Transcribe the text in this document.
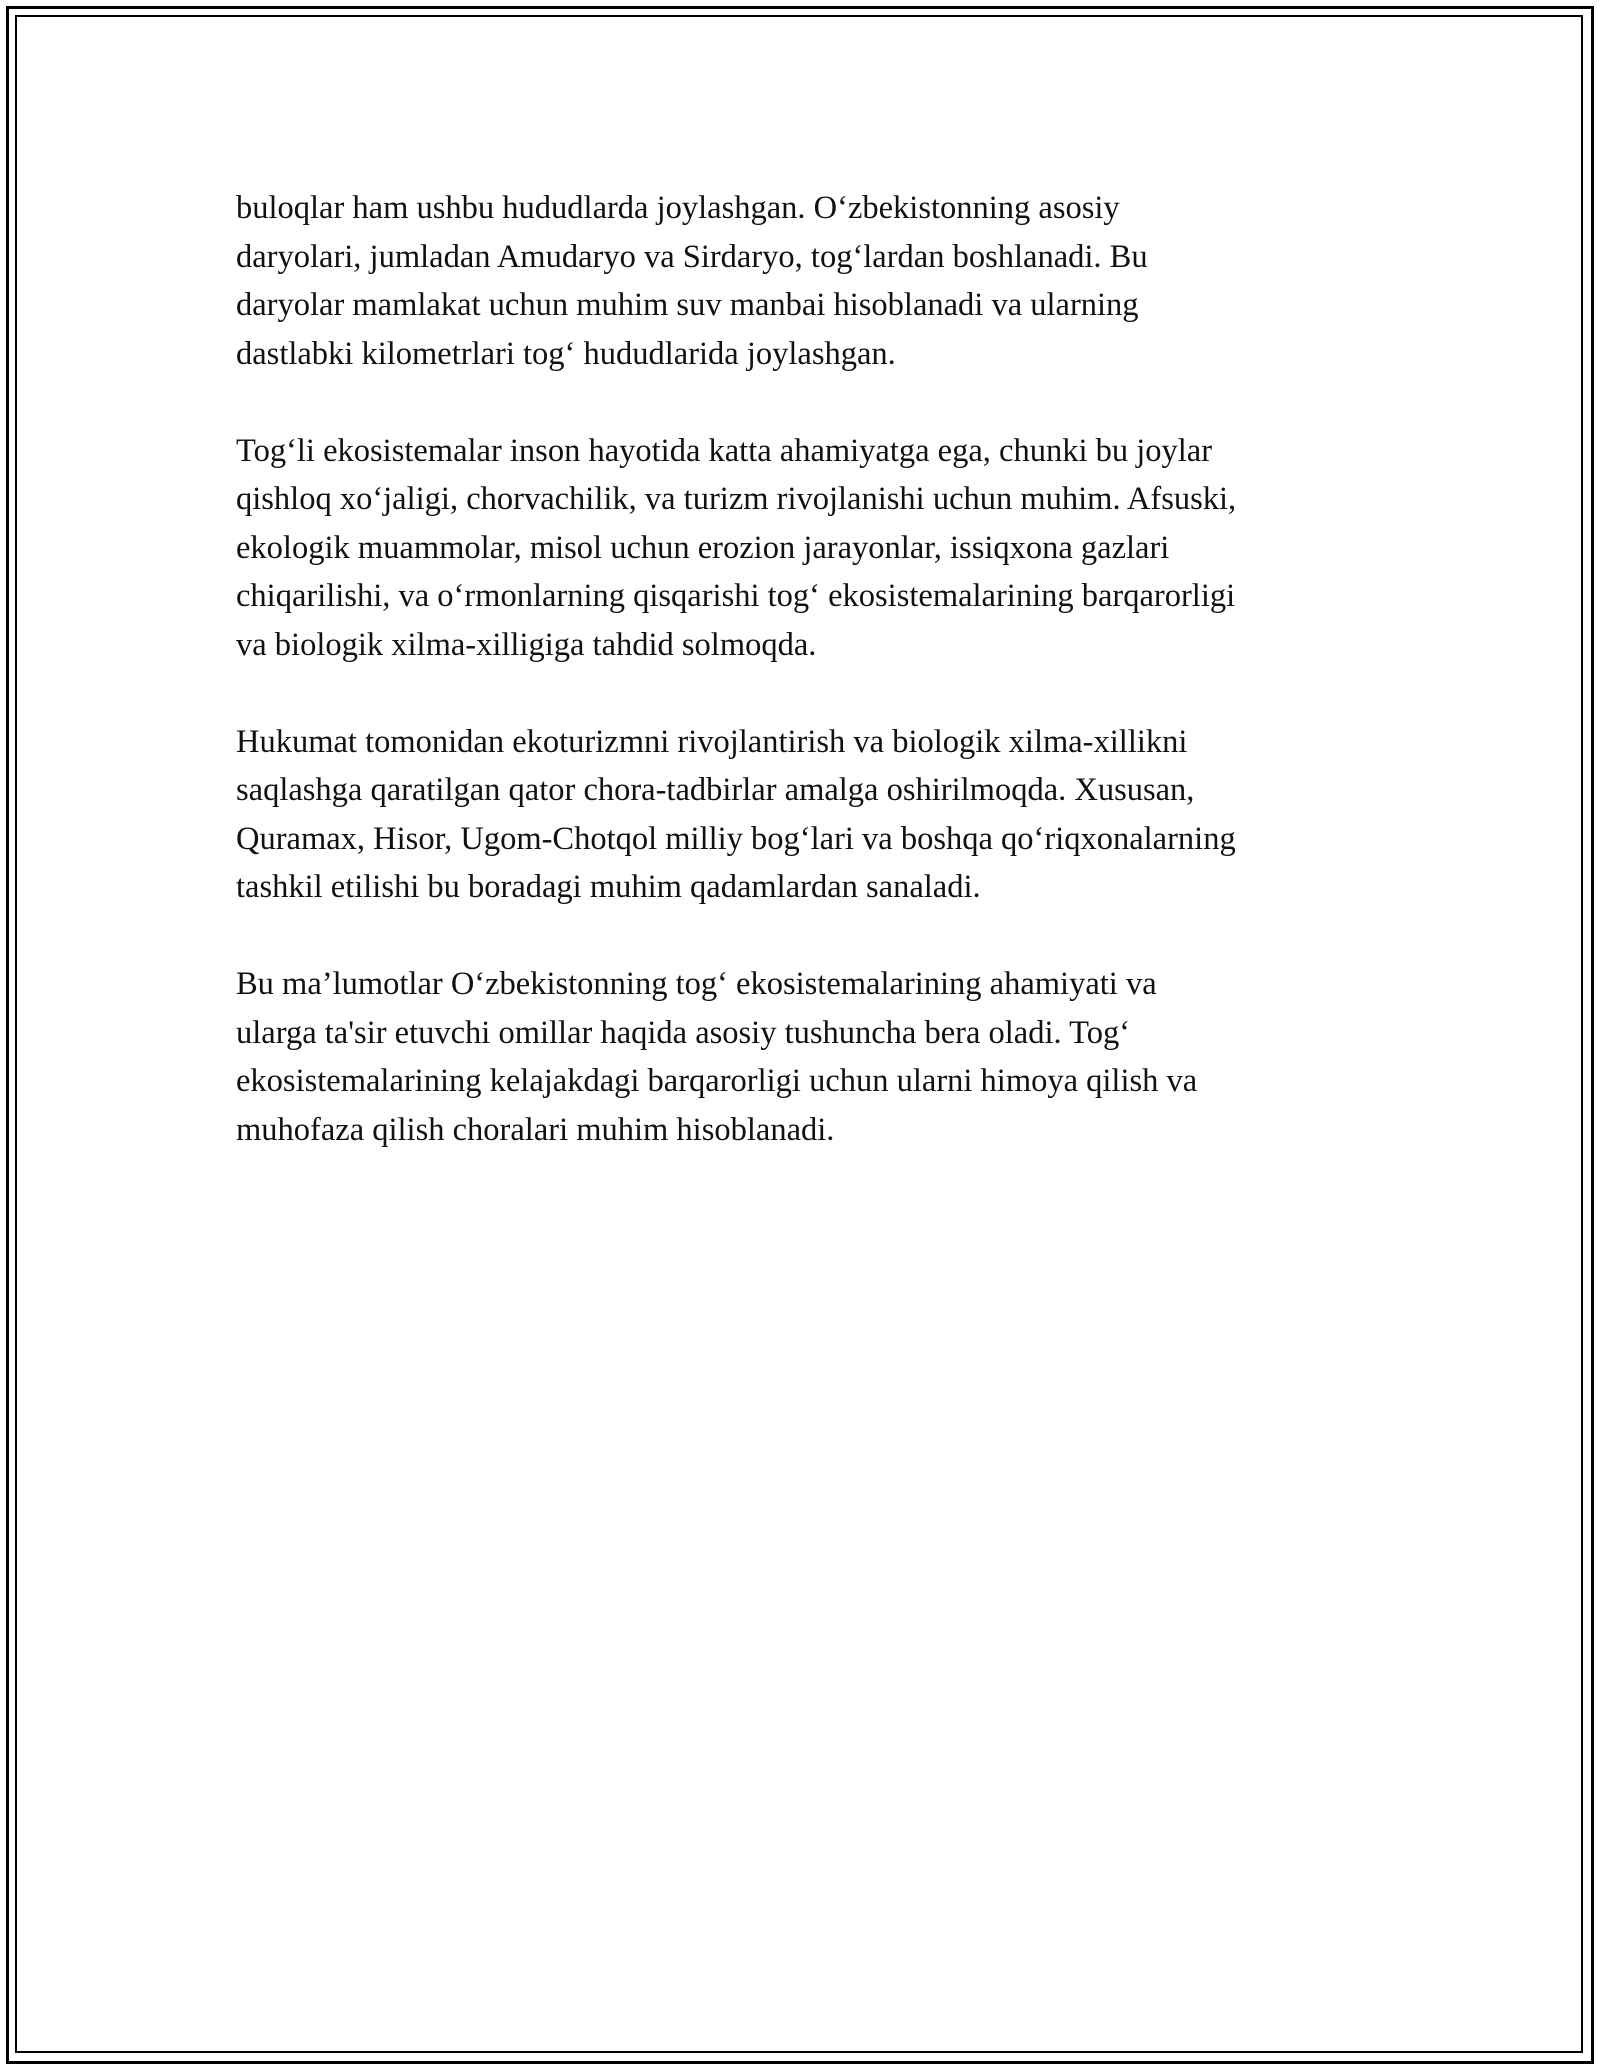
buloqlar ham ushbu hududlarda joylashgan. O‘zbekistonning asosiy
daryolari, jumladan Amudaryo va Sirdaryo, tog‘lardan boshlanadi. Bu
daryolar mamlakat uchun muhim suv manbai hisoblanadi va ularning
dastlabki kilometrlari tog‘ hududlarida joylashgan.

Tog‘li ekosistemalar inson hayotida katta ahamiyatga ega, chunki bu joylar
qishloq xo‘jaligi, chorvachilik, va turizm rivojlanishi uchun muhim. Afsuski,
ekologik muammolar, misol uchun erozion jarayonlar, issiqxona gazlari
chiqarilishi, va o‘rmonlarning qisqarishi tog‘ ekosistemalarining barqarorligi
va biologik xilma-xilligiga tahdid solmoqda.

Hukumat tomonidan ekoturizmni rivojlantirish va biologik xilma-xillikni
saqlashga qaratilgan qator chora-tadbirlar amalga oshirilmoqda. Xususan,
Quramax, Hisor, Ugom-Chotqol milliy bog‘lari va boshqa qo‘riqxonalarning
tashkil etilishi bu boradagi muhim qadamlardan sanaladi.

Bu ma’lumotlar O‘zbekistonning tog‘ ekosistemalarining ahamiyati va
ularga ta'sir etuvchi omillar haqida asosiy tushuncha bera oladi. Tog‘
ekosistemalarining kelajakdagi barqarorligi uchun ularni himoya qilish va
muhofaza qilish choralari muhim hisoblanadi.
